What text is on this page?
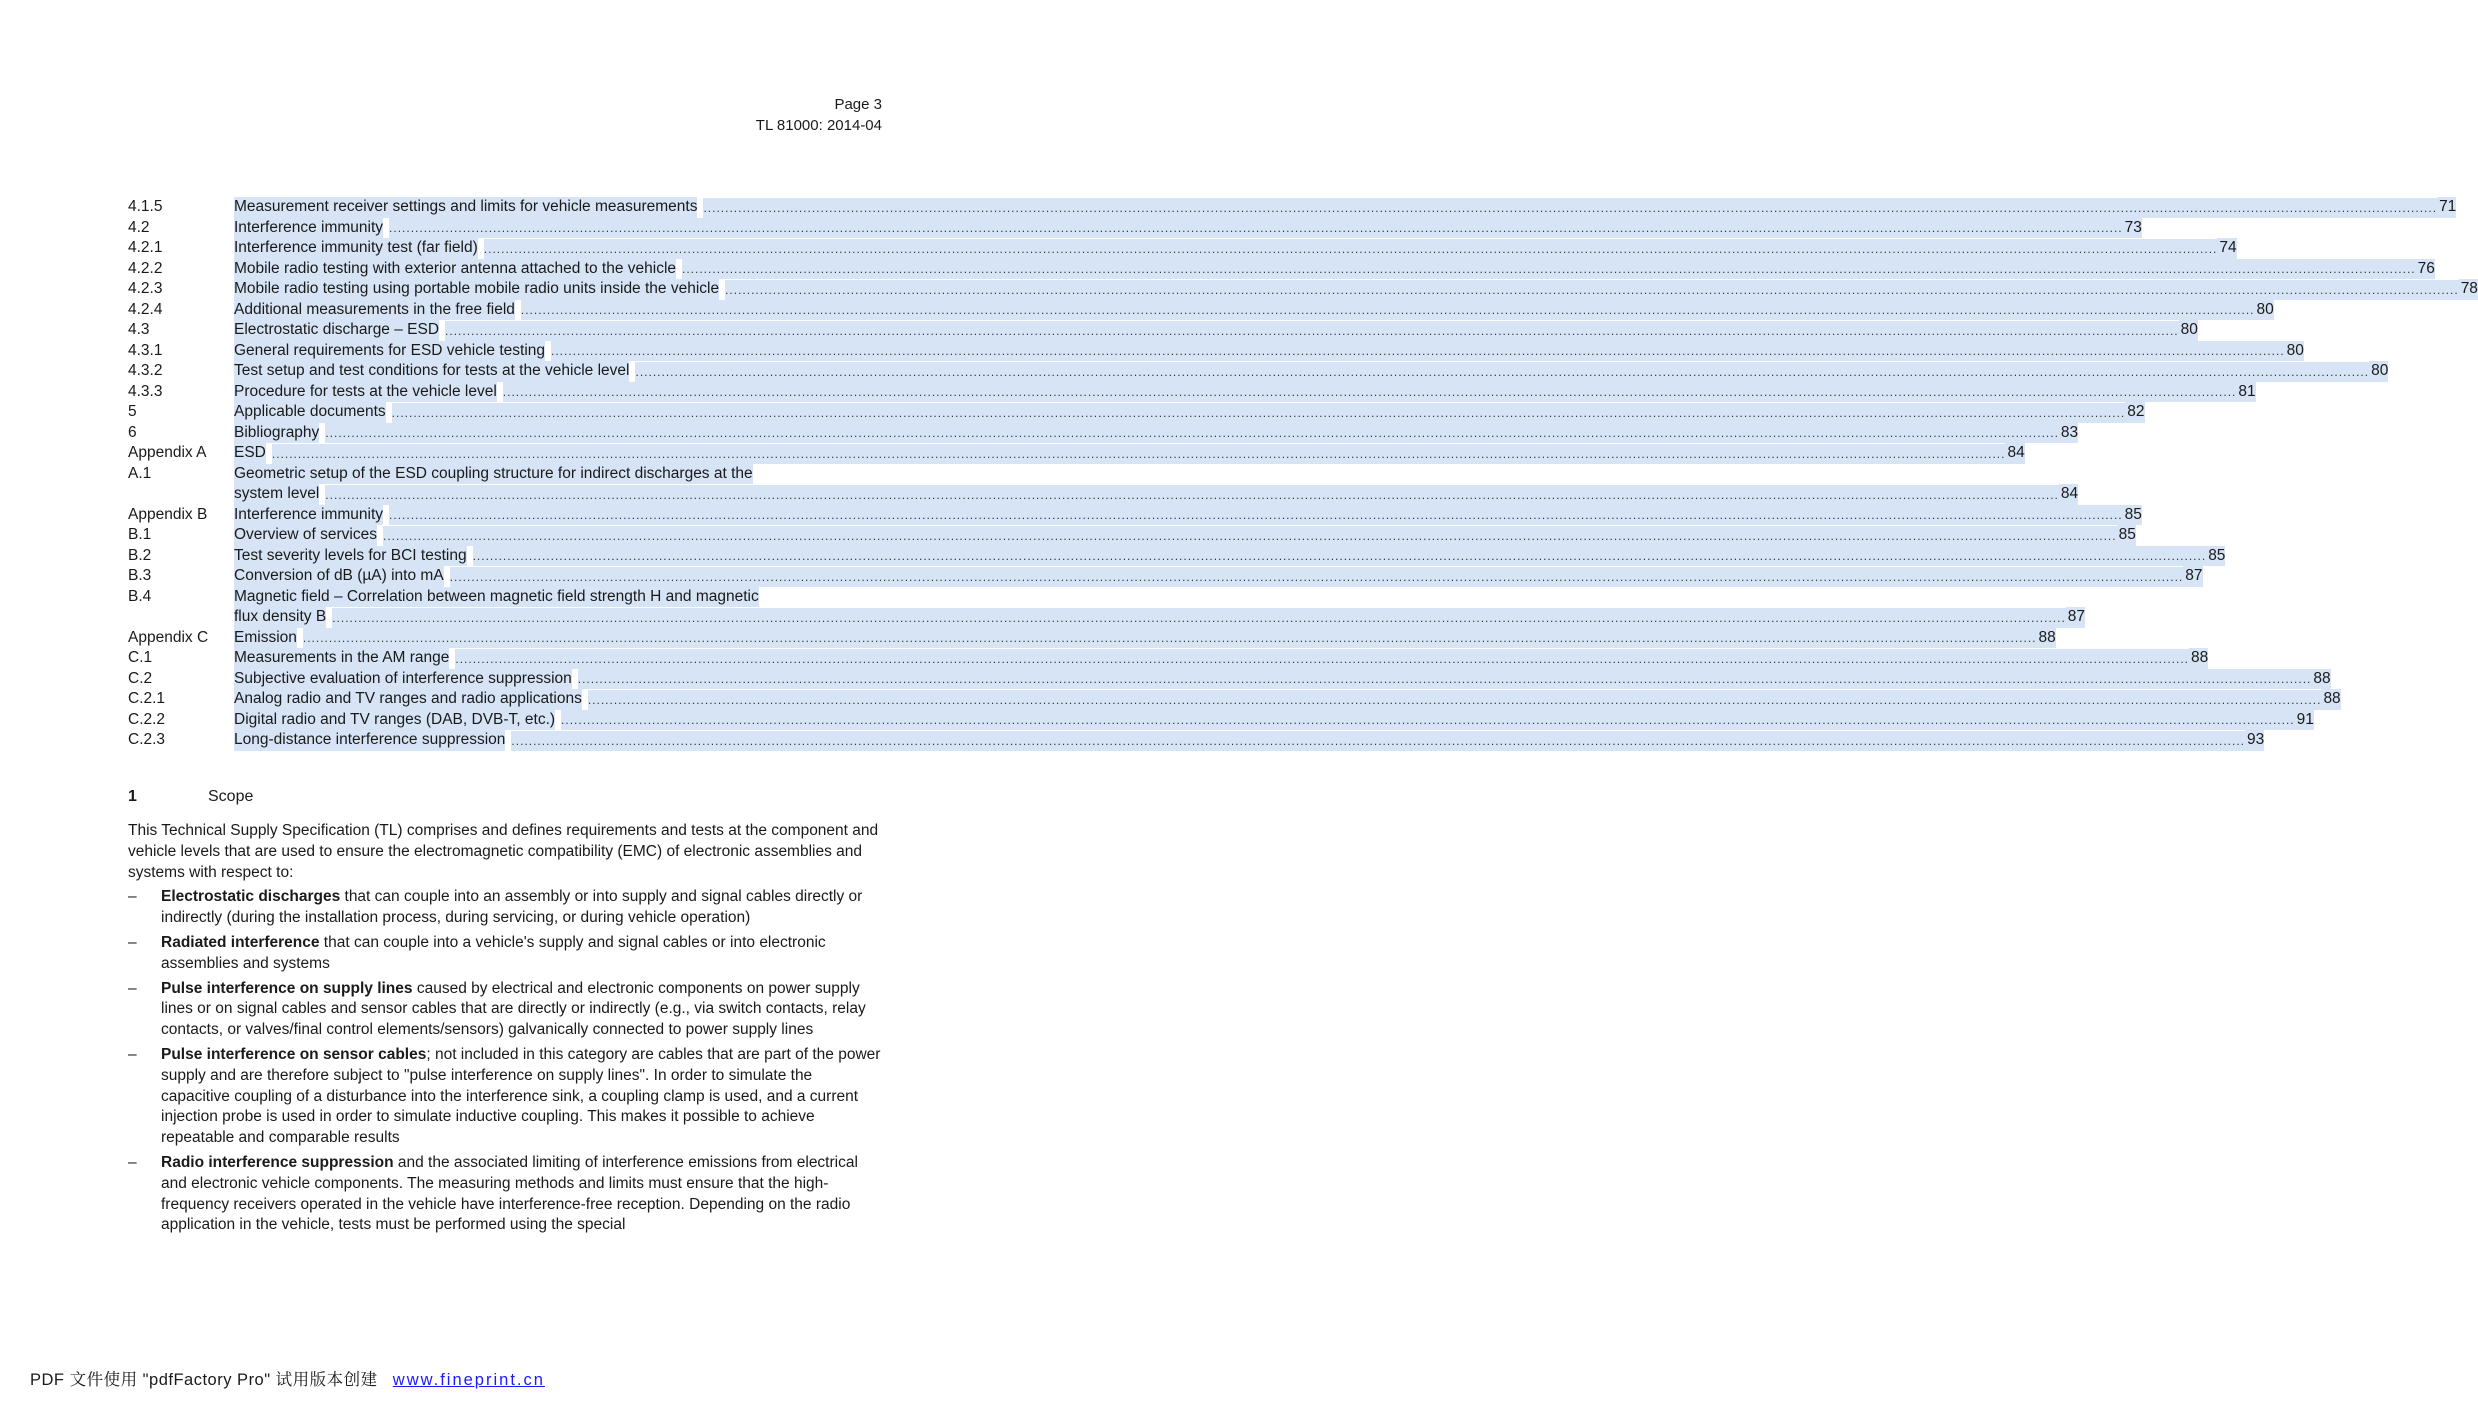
Page 3
TL 81000: 2014-04
4.1.5	Measurement receiver settings and limits for vehicle measurements ................................................................................................................................................................................................................................................................................................................................................................................................................ 71
4.2	Interference immunity ................................................................................................................................................................................................................................................................................................................................................................................................................ 73
4.2.1	Interference immunity test (far field) ................................................................................................................................................................................................................................................................................................................................................................................................................ 74
4.2.2	Mobile radio testing with exterior antenna attached to the vehicle ................................................................................................................................................................................................................................................................................................................................................................................................................ 76
4.2.3	Mobile radio testing using portable mobile radio units inside the vehicle ................................................................................................................................................................................................................................................................................................................................................................................................................ 78
4.2.4	Additional measurements in the free field ................................................................................................................................................................................................................................................................................................................................................................................................................ 80
4.3	Electrostatic discharge – ESD ................................................................................................................................................................................................................................................................................................................................................................................................................ 80
4.3.1	General requirements for ESD vehicle testing ................................................................................................................................................................................................................................................................................................................................................................................................................ 80
4.3.2	Test setup and test conditions for tests at the vehicle level ................................................................................................................................................................................................................................................................................................................................................................................................................ 80
4.3.3	Procedure for tests at the vehicle level ................................................................................................................................................................................................................................................................................................................................................................................................................ 81
5	Applicable documents ................................................................................................................................................................................................................................................................................................................................................................................................................ 82
6	Bibliography ................................................................................................................................................................................................................................................................................................................................................................................................................ 83
Appendix A	ESD ................................................................................................................................................................................................................................................................................................................................................................................................................ 84
A.1	Geometric setup of the ESD coupling structure for indirect discharges at the
system level ................................................................................................................................................................................................................................................................................................................................................................................................................ 84
Appendix B	Interference immunity ................................................................................................................................................................................................................................................................................................................................................................................................................ 85
B.1	Overview of services ................................................................................................................................................................................................................................................................................................................................................................................................................ 85
B.2	Test severity levels for BCI testing ................................................................................................................................................................................................................................................................................................................................................................................................................ 85
B.3	Conversion of dB (µA) into mA ................................................................................................................................................................................................................................................................................................................................................................................................................ 87
B.4	Magnetic field – Correlation between magnetic field strength H and magnetic
flux density B ................................................................................................................................................................................................................................................................................................................................................................................................................ 87
Appendix C	Emission ................................................................................................................................................................................................................................................................................................................................................................................................................ 88
C.1	Measurements in the AM range ................................................................................................................................................................................................................................................................................................................................................................................................................ 88
C.2	Subjective evaluation of interference suppression ................................................................................................................................................................................................................................................................................................................................................................................................................ 88
C.2.1	Analog radio and TV ranges and radio applications ................................................................................................................................................................................................................................................................................................................................................................................................................ 88
C.2.2	Digital radio and TV ranges (DAB, DVB-T, etc.) ................................................................................................................................................................................................................................................................................................................................................................................................................ 91
C.2.3	Long-distance interference suppression ................................................................................................................................................................................................................................................................................................................................................................................................................ 93
1	Scope

This Technical Supply Specification (TL) comprises and defines requirements and tests at the component and vehicle levels that are used to ensure the electromagnetic compatibility (EMC) of electronic assemblies and systems with respect to:

– Electrostatic discharges that can couple into an assembly or into supply and signal cables directly or indirectly (during the installation process, during servicing, or during vehicle operation)
– Radiated interference that can couple into a vehicle's supply and signal cables or into electronic assemblies and systems
– Pulse interference on supply lines caused by electrical and electronic components on power supply lines or on signal cables and sensor cables that are directly or indirectly (e.g., via switch contacts, relay contacts, or valves/final control elements/sensors) galvanically connected to power supply lines
– Pulse interference on sensor cables; not included in this category are cables that are part of the power supply and are therefore subject to "pulse interference on supply lines". In order to simulate the capacitive coupling of a disturbance into the interference sink, a coupling clamp is used, and a current injection probe is used in order to simulate inductive coupling. This makes it possible to achieve repeatable and comparable results
– Radio interference suppression and the associated limiting of interference emissions from electrical and electronic vehicle components. The measuring methods and limits must ensure that the high-frequency receivers operated in the vehicle have interference-free reception. Depending on the radio application in the vehicle, tests must be performed using the special
PDF 文件使用 "pdfFactory Pro" 试用版本创建 www.fineprint.cn
